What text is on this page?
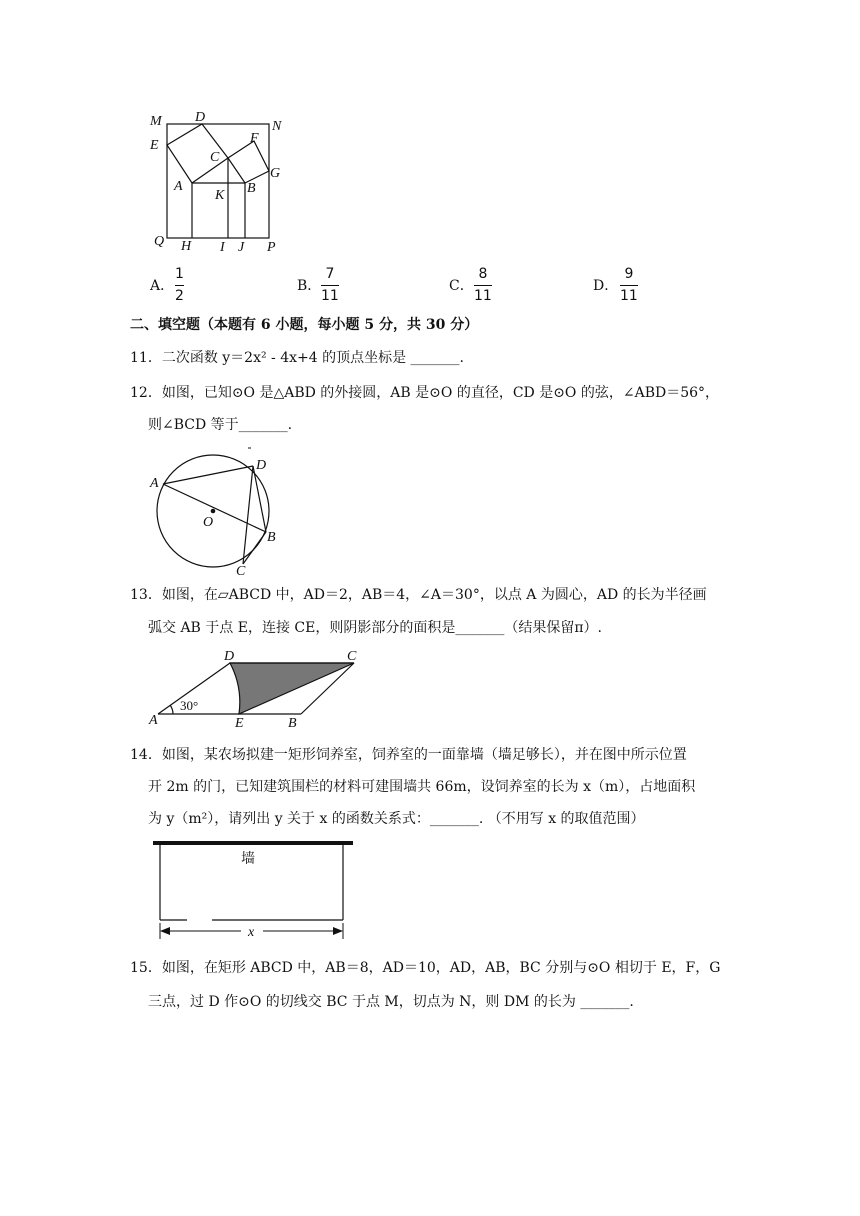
M D
N
E	F
C
G
A
K B
Q H I J P
A．
1
2
B．
7
11
C．
8
11
D．
9
11
二、填空题（本题有 6 小题，每小题 5 分，共 30 分）
11．二次函数 y＝2x² ‑ 4x+4 的顶点坐标是 _______.
12．如图，已知⊙O 是△ABD 的外接圆，AB 是⊙O 的直径，CD 是⊙O 的弦，∠ABD＝56°，
则∠BCD 等于_______.
A
D
O
B
C
13．如图，在▱ABCD 中，AD＝2，AB＝4，∠A＝30°，以点 A 为圆心，AD 的长为半径画
弧交 AB 于点 E，连接 CE，则阴影部分的面积是_______（结果保留π）.
D	C
A	E	B
30°
14．如图，某农场拟建一矩形饲养室，饲养室的一面靠墙（墙足够长），并在图中所示位置
开 2m 的门，已知建筑围栏的材料可建围墙共 66m，设饲养室的长为 x（m），占地面积
为 y（m²），请列出 y 关于 x 的函数关系式：_______. （不用写 x 的取值范围）
墙
x
15．如图，在矩形 ABCD 中，AB＝8，AD＝10，AD，AB，BC 分别与⊙O 相切于 E，F，G
三点，过 D 作⊙O 的切线交 BC 于点 M，切点为 N，则 DM 的长为 _______.
